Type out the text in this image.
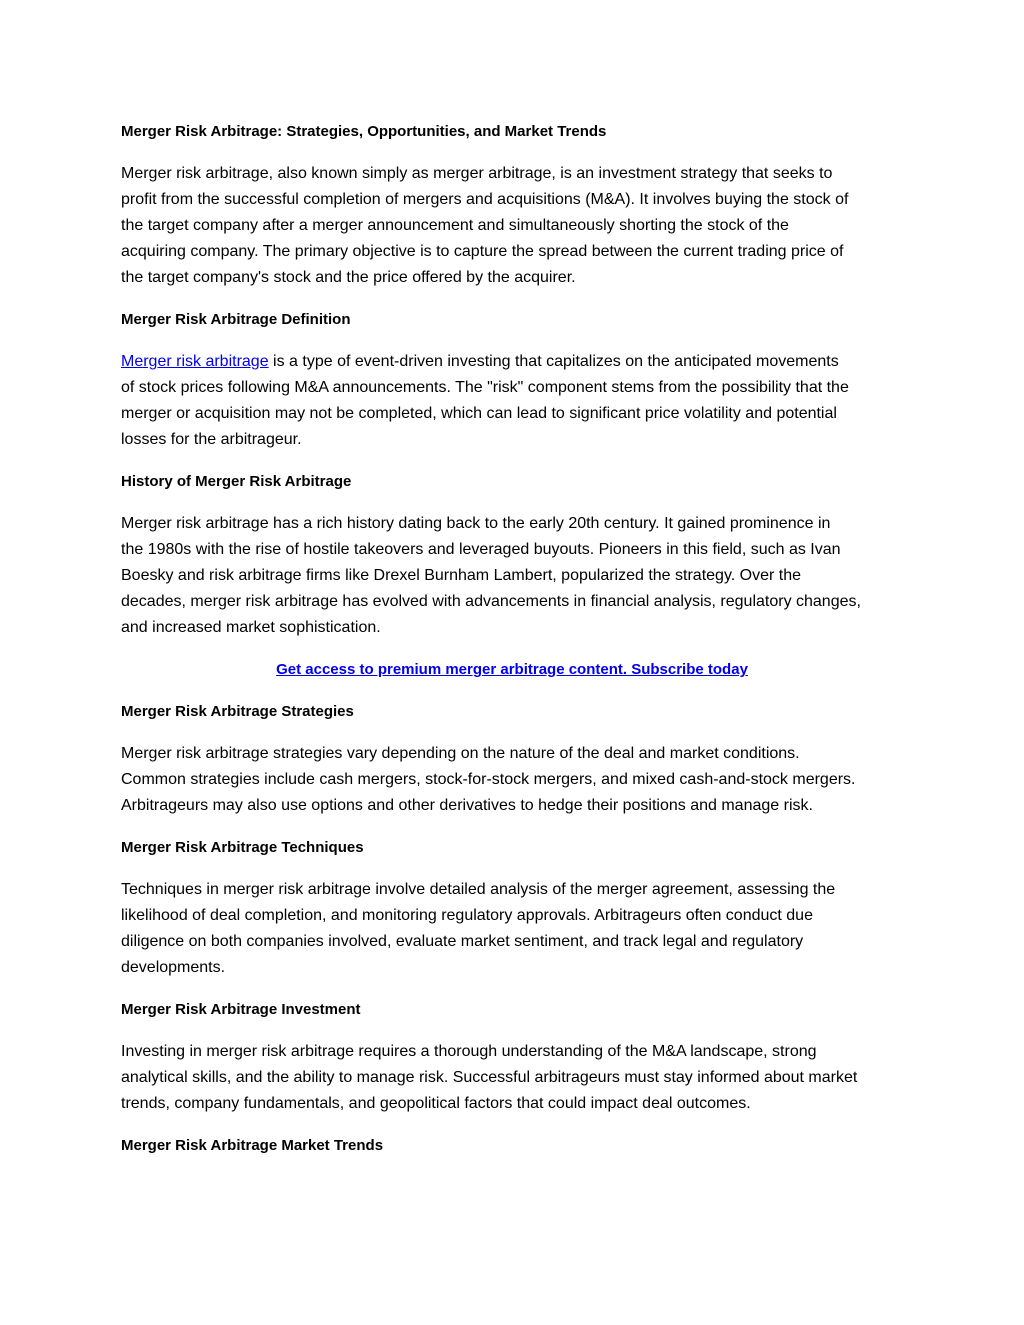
Merger Risk Arbitrage: Strategies, Opportunities, and Market Trends
Merger risk arbitrage, also known simply as merger arbitrage, is an investment strategy that seeks to
profit from the successful completion of mergers and acquisitions (M&A). It involves buying the stock of
the target company after a merger announcement and simultaneously shorting the stock of the
acquiring company. The primary objective is to capture the spread between the current trading price of
the target company's stock and the price offered by the acquirer.
Merger Risk Arbitrage Definition
Merger risk arbitrage is a type of event-driven investing that capitalizes on the anticipated movements
of stock prices following M&A announcements. The "risk" component stems from the possibility that the
merger or acquisition may not be completed, which can lead to significant price volatility and potential
losses for the arbitrageur.
History of Merger Risk Arbitrage
Merger risk arbitrage has a rich history dating back to the early 20th century. It gained prominence in
the 1980s with the rise of hostile takeovers and leveraged buyouts. Pioneers in this field, such as Ivan
Boesky and risk arbitrage firms like Drexel Burnham Lambert, popularized the strategy. Over the
decades, merger risk arbitrage has evolved with advancements in financial analysis, regulatory changes,
and increased market sophistication.
Get access to premium merger arbitrage content. Subscribe today
Merger Risk Arbitrage Strategies
Merger risk arbitrage strategies vary depending on the nature of the deal and market conditions.
Common strategies include cash mergers, stock-for-stock mergers, and mixed cash-and-stock mergers.
Arbitrageurs may also use options and other derivatives to hedge their positions and manage risk.
Merger Risk Arbitrage Techniques
Techniques in merger risk arbitrage involve detailed analysis of the merger agreement, assessing the
likelihood of deal completion, and monitoring regulatory approvals. Arbitrageurs often conduct due
diligence on both companies involved, evaluate market sentiment, and track legal and regulatory
developments.
Merger Risk Arbitrage Investment
Investing in merger risk arbitrage requires a thorough understanding of the M&A landscape, strong
analytical skills, and the ability to manage risk. Successful arbitrageurs must stay informed about market
trends, company fundamentals, and geopolitical factors that could impact deal outcomes.
Merger Risk Arbitrage Market Trends
